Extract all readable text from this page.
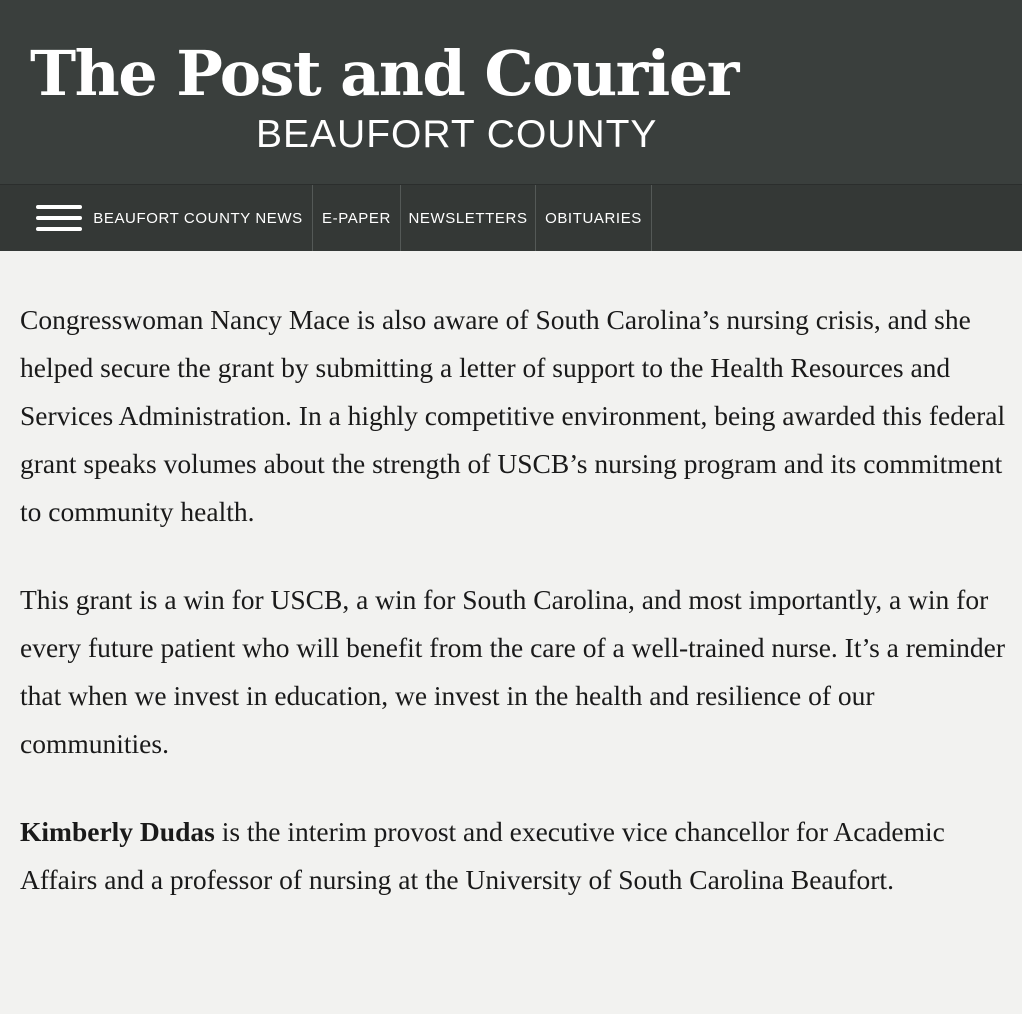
The Post and Courier
BEAUFORT COUNTY
BEAUFORT COUNTY NEWS	E-PAPER	NEWSLETTERS	OBITUARIES

Congresswoman Nancy Mace is also aware of South Carolina’s nursing crisis, and she helped secure the grant by submitting a letter of support to the Health Resources and Services Administration. In a highly competitive environment, being awarded this federal grant speaks volumes about the strength of USCB’s nursing program and its commitment to community health.

This grant is a win for USCB, a win for South Carolina, and most importantly, a win for every future patient who will benefit from the care of a well-trained nurse. It’s a reminder that when we invest in education, we invest in the health and resilience of our communities.

Kimberly Dudas is the interim provost and executive vice chancellor for Academic Affairs and a professor of nursing at the University of South Carolina Beaufort.
